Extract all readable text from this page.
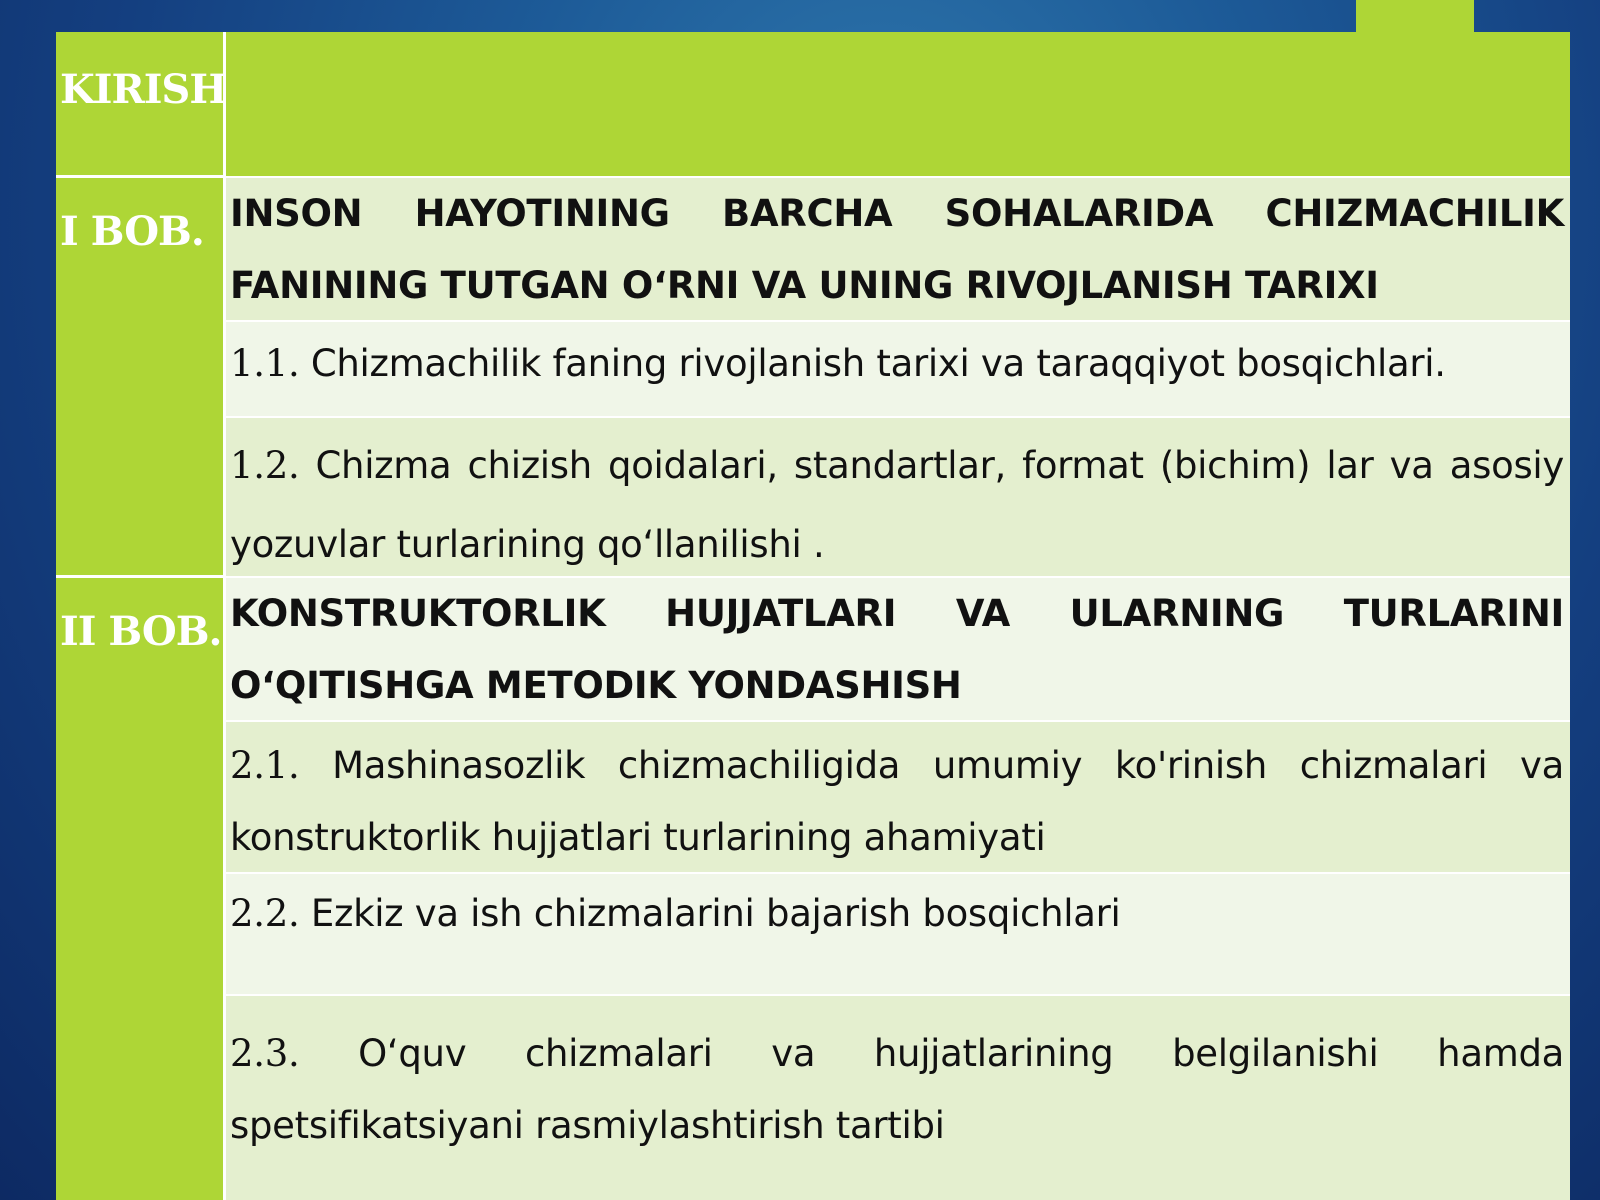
KIRISH
I BOB.
II BOB.
INSON HAYOTINING BARCHA SOHALARIDA CHIZMACHILIK FANINING TUTGAN O‘RNI VA UNING RIVOJLANISH TARIXI
1.1. Chizmachilik faning rivojlanish tarixi va taraqqiyot bosqichlari.
1.2. Chizma chizish qoidalari, standartlar, format (bichim) lar va asosiy yozuvlar turlarining qo‘llanilishi .
KONSTRUKTORLIK HUJJATLARI VA ULARNING TURLARINI O‘QITISHGA METODIK YONDASHISH
2.1. Mashinasozlik chizmachiligida umumiy ko'rinish chizmalari va konstruktorlik hujjatlari turlarining ahamiyati
2.2. Ezkiz va ish chizmalarini bajarish bosqichlari
2.3. O‘quv chizmalari va hujjatlarining belgilanishi hamda spetsifikatsiyani rasmiylashtirish tartibi
